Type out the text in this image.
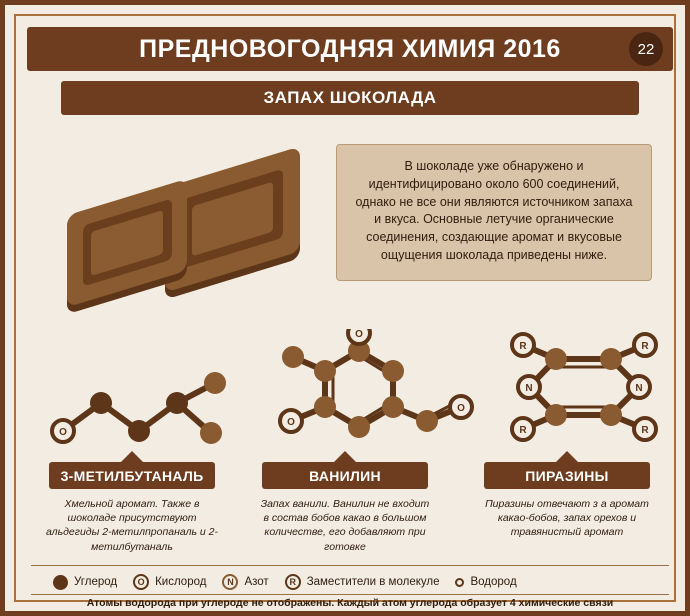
ПРЕДНОВОГОДНЯЯ ХИМИЯ 2016	22
ЗАПАХ ШОКОЛАДА
В шоколаде уже обнаружено и идентифицировано около 600 соединений, однако не все они являются источником запаха и вкуса. Основные летучие органические соединения, создающие аромат и вкусовые ощущения шоколада приведены ниже.
O
O
O
O
N
N
R	R
R	R
3-МЕТИЛБУТАНАЛЬ	ВАНИЛИН	ПИРАЗИНЫ
Хмельной аромат. Также в шоколаде присутствуют альдегиды 2-метилпропаналь и 2-метилбутаналь
Запах ванили. Ванилин не входит в состав бобов какао в большом количестве, его добавляют при готовке
Пиразины отвечают з а аромат какао-бобов, запах орехов и травянистый аромат
Углерод	O Кислород	N Азот	R Заместители в молекуле	Водород
Атомы водорода при углероде не отображены. Каждый атом углерода образует 4 химические связи
